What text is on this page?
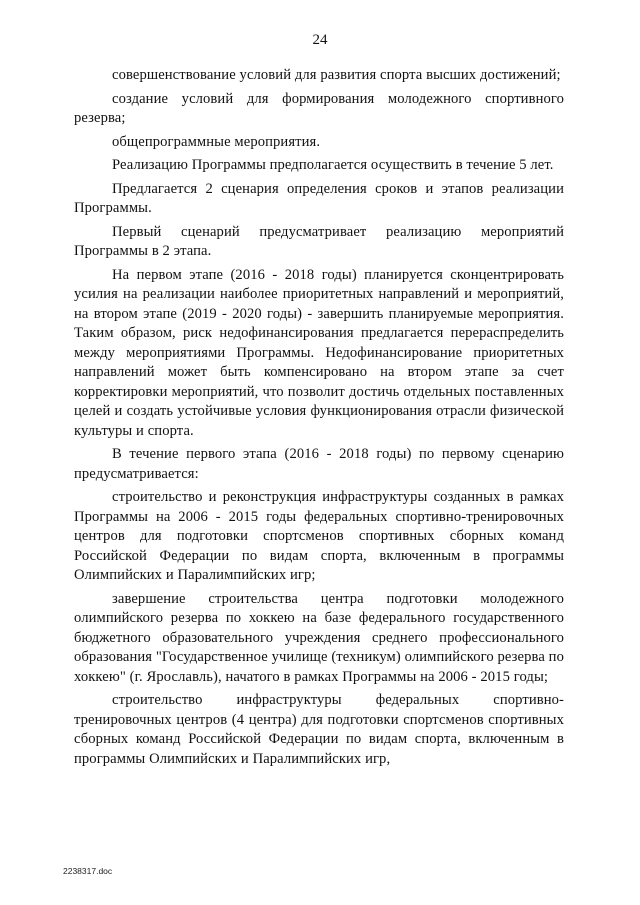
24

совершенствование условий для развития спорта высших достижений;

создание условий для формирования молодежного спортивного резерва;

общепрограммные мероприятия.

Реализацию Программы предполагается осуществить в течение 5 лет.

Предлагается 2 сценария определения сроков и этапов реализации Программы.

Первый сценарий предусматривает реализацию мероприятий Программы в 2 этапа.

На первом этапе (2016 - 2018 годы) планируется сконцентрировать усилия на реализации наиболее приоритетных направлений и мероприятий, на втором этапе (2019 - 2020 годы) - завершить планируемые мероприятия. Таким образом, риск недофинансирования предлагается перераспределить между мероприятиями Программы. Недофинансирование приоритетных направлений может быть компенсировано на втором этапе за счет корректировки мероприятий, что позволит достичь отдельных поставленных целей и создать устойчивые условия функционирования отрасли физической культуры и спорта.

В течение первого этапа (2016 - 2018 годы) по первому сценарию предусматривается:

строительство и реконструкция инфраструктуры созданных в рамках Программы на 2006 - 2015 годы федеральных спортивно-тренировочных центров для подготовки спортсменов спортивных сборных команд Российской Федерации по видам спорта, включенным в программы Олимпийских и Паралимпийских игр;

завершение строительства центра подготовки молодежного олимпийского резерва по хоккею на базе федерального государственного бюджетного образовательного учреждения среднего профессионального образования "Государственное училище (техникум) олимпийского резерва по хоккею" (г. Ярославль), начатого в рамках Программы на 2006 - 2015 годы;

строительство инфраструктуры федеральных спортивно-тренировочных центров (4 центра) для подготовки спортсменов спортивных сборных команд Российской Федерации по видам спорта, включенным в программы Олимпийских и Паралимпийских игр,

2238317.doc
